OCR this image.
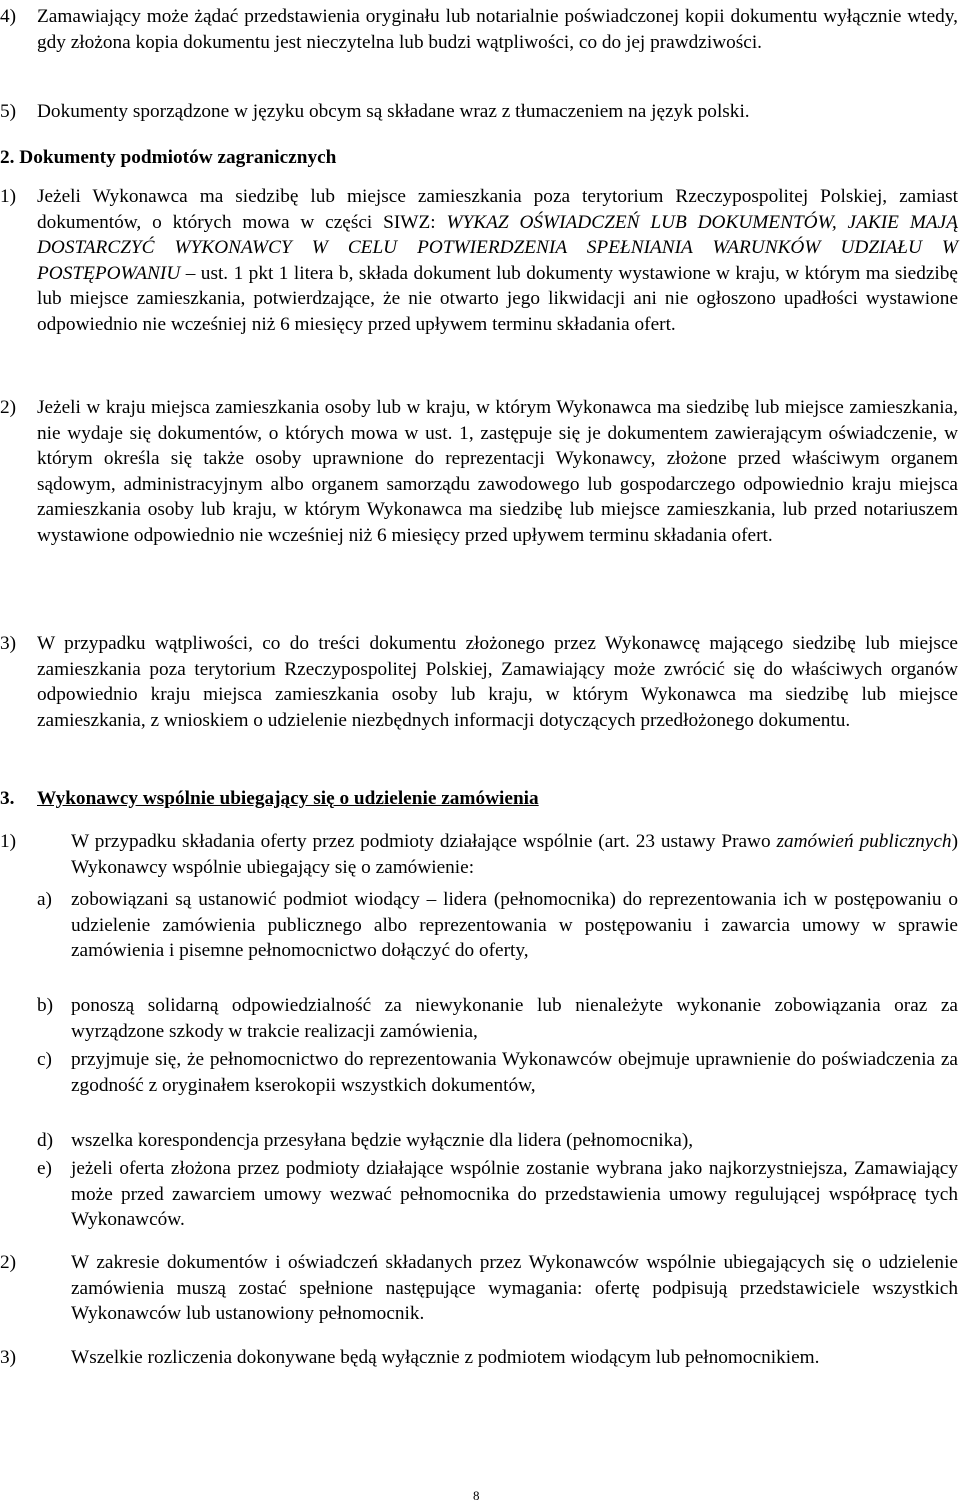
4) Zamawiający może żądać przedstawienia oryginału lub notarialnie poświadczonej kopii dokumentu wyłącznie wtedy, gdy złożona kopia dokumentu jest nieczytelna lub budzi wątpliwości, co do jej prawdziwości.
5) Dokumenty sporządzone w języku obcym są składane wraz z tłumaczeniem na język polski.
2. Dokumenty podmiotów zagranicznych
1) Jeżeli Wykonawca ma siedzibę lub miejsce zamieszkania poza terytorium Rzeczypospolitej Polskiej, zamiast dokumentów, o których mowa w części SIWZ: WYKAZ OŚWIADCZEŃ LUB DOKUMENTÓW, JAKIE MAJĄ DOSTARCZYĆ WYKONAWCY W CELU POTWIERDZENIA SPEŁNIANIA WARUNKÓW UDZIAŁU W POSTĘPOWANIU – ust. 1 pkt 1 litera b, składa dokument lub dokumenty wystawione w kraju, w którym ma siedzibę lub miejsce zamieszkania, potwierdzające, że nie otwarto jego likwidacji ani nie ogłoszono upadłości wystawione odpowiednio nie wcześniej niż 6 miesięcy przed upływem terminu składania ofert.
2) Jeżeli w kraju miejsca zamieszkania osoby lub w kraju, w którym Wykonawca ma siedzibę lub miejsce zamieszkania, nie wydaje się dokumentów, o których mowa w ust. 1, zastępuje się je dokumentem zawierającym oświadczenie, w którym określa się także osoby uprawnione do reprezentacji Wykonawcy, złożone przed właściwym organem sądowym, administracyjnym albo organem samorządu zawodowego lub gospodarczego odpowiednio kraju miejsca zamieszkania osoby lub kraju, w którym Wykonawca ma siedzibę lub miejsce zamieszkania, lub przed notariuszem wystawione odpowiednio nie wcześniej niż 6 miesięcy przed upływem terminu składania ofert.
3) W przypadku wątpliwości, co do treści dokumentu złożonego przez Wykonawcę mającego siedzibę lub miejsce zamieszkania poza terytorium Rzeczypospolitej Polskiej, Zamawiający może zwrócić się do właściwych organów odpowiednio kraju miejsca zamieszkania osoby lub kraju, w którym Wykonawca ma siedzibę lub miejsce zamieszkania, z wnioskiem o udzielenie niezbędnych informacji dotyczących przedłożonego dokumentu.
3. Wykonawcy wspólnie ubiegający się o udzielenie zamówienia
1)	W przypadku składania oferty przez podmioty działające wspólnie (art. 23 ustawy Prawo zamówień publicznych) Wykonawcy wspólnie ubiegający się o zamówienie:
a) zobowiązani są ustanowić podmiot wiodący – lidera (pełnomocnika) do reprezentowania ich w postępowaniu o udzielenie zamówienia publicznego albo reprezentowania w postępowaniu i zawarcia umowy w sprawie zamówienia i pisemne pełnomocnictwo dołączyć do oferty,
b) ponoszą solidarną odpowiedzialność za niewykonanie lub nienależyte wykonanie zobowiązania oraz za wyrządzone szkody w trakcie realizacji zamówienia,
c) przyjmuje się, że pełnomocnictwo do reprezentowania Wykonawców obejmuje uprawnienie do poświadczenia za zgodność z oryginałem kserokopii wszystkich dokumentów,
d) wszelka korespondencja przesyłana będzie wyłącznie dla lidera (pełnomocnika),
e) jeżeli oferta złożona przez podmioty działające wspólnie zostanie wybrana jako najkorzystniejsza, Zamawiający może przed zawarciem umowy wezwać pełnomocnika do przedstawienia umowy regulującej współpracę tych Wykonawców.
2)	W zakresie dokumentów i oświadczeń składanych przez Wykonawców wspólnie ubiegających się o udzielenie zamówienia muszą zostać spełnione następujące wymagania: ofertę podpisują przedstawiciele wszystkich Wykonawców lub ustanowiony pełnomocnik.
3)	Wszelkie rozliczenia dokonywane będą wyłącznie z podmiotem wiodącym lub pełnomocnikiem.
8
